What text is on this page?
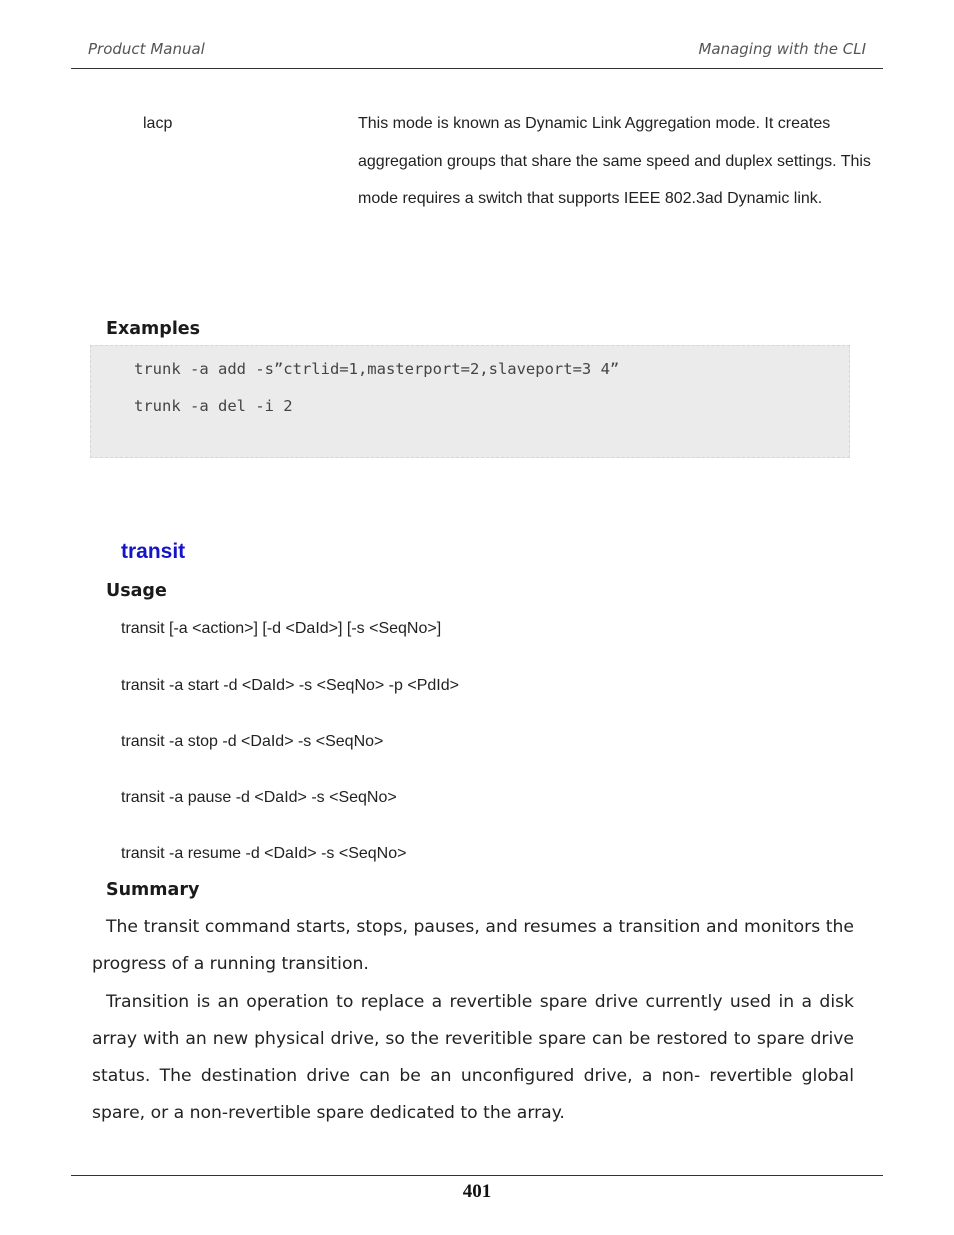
Product Manual	Managing with the CLI
lacp	This mode is known as Dynamic Link Aggregation mode. It creates aggregation groups that share the same speed and duplex settings. This mode requires a switch that supports IEEE 802.3ad Dynamic link.
Examples
trunk -a add -s”ctrlid=1,masterport=2,slaveport=3 4”
trunk -a del -i 2
transit
Usage
transit [-a <action>] [-d <DaId>] [-s <SeqNo>]
transit -a start -d <DaId> -s <SeqNo> -p <PdId>
transit -a stop -d <DaId> -s <SeqNo>
transit -a pause -d <DaId> -s <SeqNo>
transit -a resume -d <DaId> -s <SeqNo>
Summary

The transit command starts, stops, pauses, and resumes a transition and monitors the progress of a running transition.

Transition is an operation to replace a revertible spare drive currently used in a disk array with an new physical drive, so the reveritible spare can be restored to spare drive status. The destination drive can be an unconfigured drive, a non- revertible global spare, or a non-revertible spare dedicated to the array.

401
